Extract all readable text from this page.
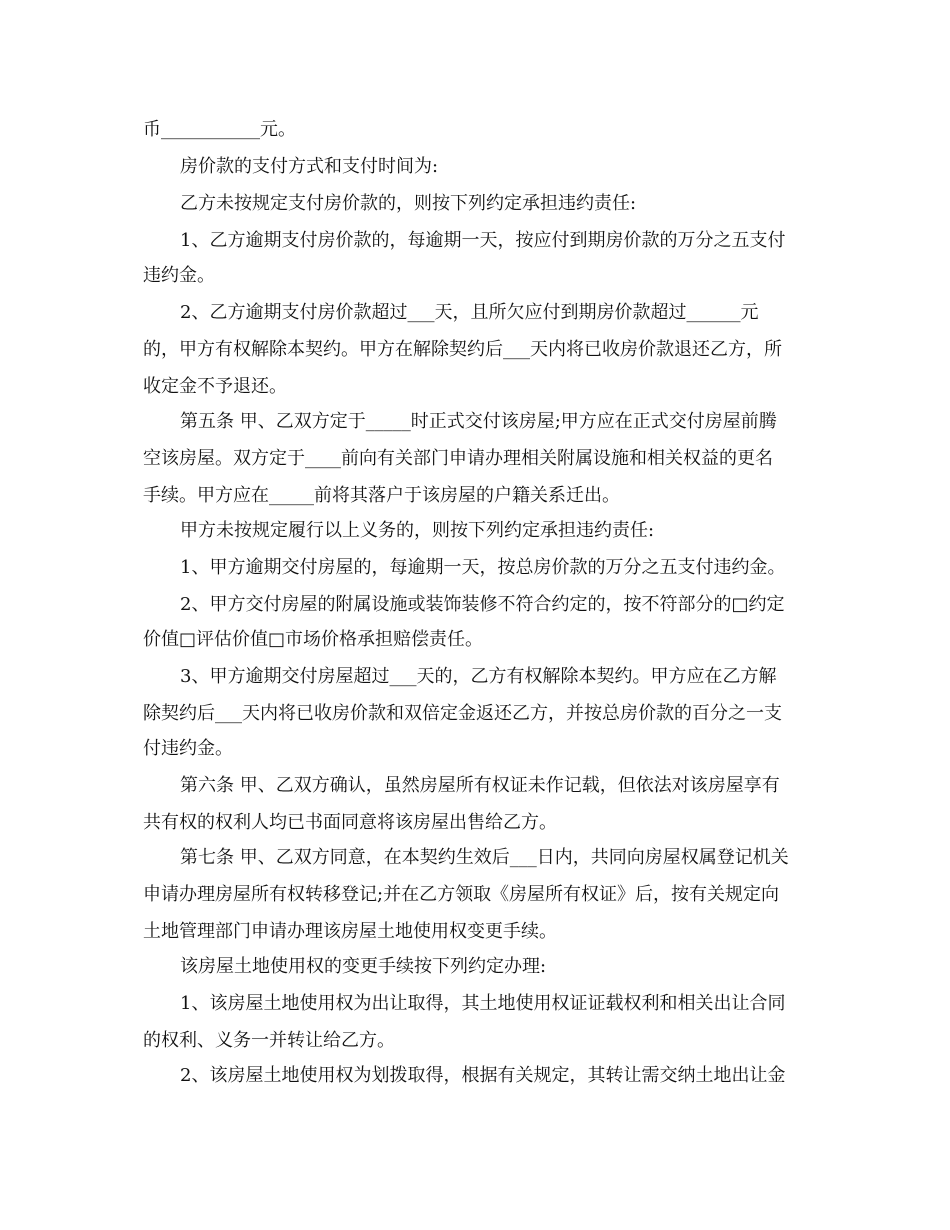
币___________元。
房价款的支付方式和支付时间为:
乙方未按规定支付房价款的，则按下列约定承担违约责任:
1、乙方逾期支付房价款的，每逾期一天，按应付到期房价款的万分之五支付
违约金。
2、乙方逾期支付房价款超过___天，且所欠应付到期房价款超过______元
的，甲方有权解除本契约。甲方在解除契约后___天内将已收房价款退还乙方，所
收定金不予退还。
第五条 甲、乙双方定于_____时正式交付该房屋;甲方应在正式交付房屋前腾
空该房屋。双方定于____前向有关部门申请办理相关附属设施和相关权益的更名
手续。甲方应在_____前将其落户于该房屋的户籍关系迁出。
甲方未按规定履行以上义务的，则按下列约定承担违约责任:
1、甲方逾期交付房屋的，每逾期一天，按总房价款的万分之五支付违约金。
2、甲方交付房屋的附属设施或装饰装修不符合约定的，按不符部分的□约定
价值□评估价值□市场价格承担赔偿责任。
3、甲方逾期交付房屋超过___天的，乙方有权解除本契约。甲方应在乙方解
除契约后___天内将已收房价款和双倍定金返还乙方，并按总房价款的百分之一支
付违约金。
第六条 甲、乙双方确认，虽然房屋所有权证未作记载，但依法对该房屋享有
共有权的权利人均已书面同意将该房屋出售给乙方。
第七条 甲、乙双方同意，在本契约生效后___日内，共同向房屋权属登记机关
申请办理房屋所有权转移登记;并在乙方领取《房屋所有权证》后，按有关规定向
土地管理部门申请办理该房屋土地使用权变更手续。
该房屋土地使用权的变更手续按下列约定办理:
1、该房屋土地使用权为出让取得，其土地使用权证证载权利和相关出让合同
的权利、义务一并转让给乙方。
2、该房屋土地使用权为划拨取得，根据有关规定，其转让需交纳土地出让金
